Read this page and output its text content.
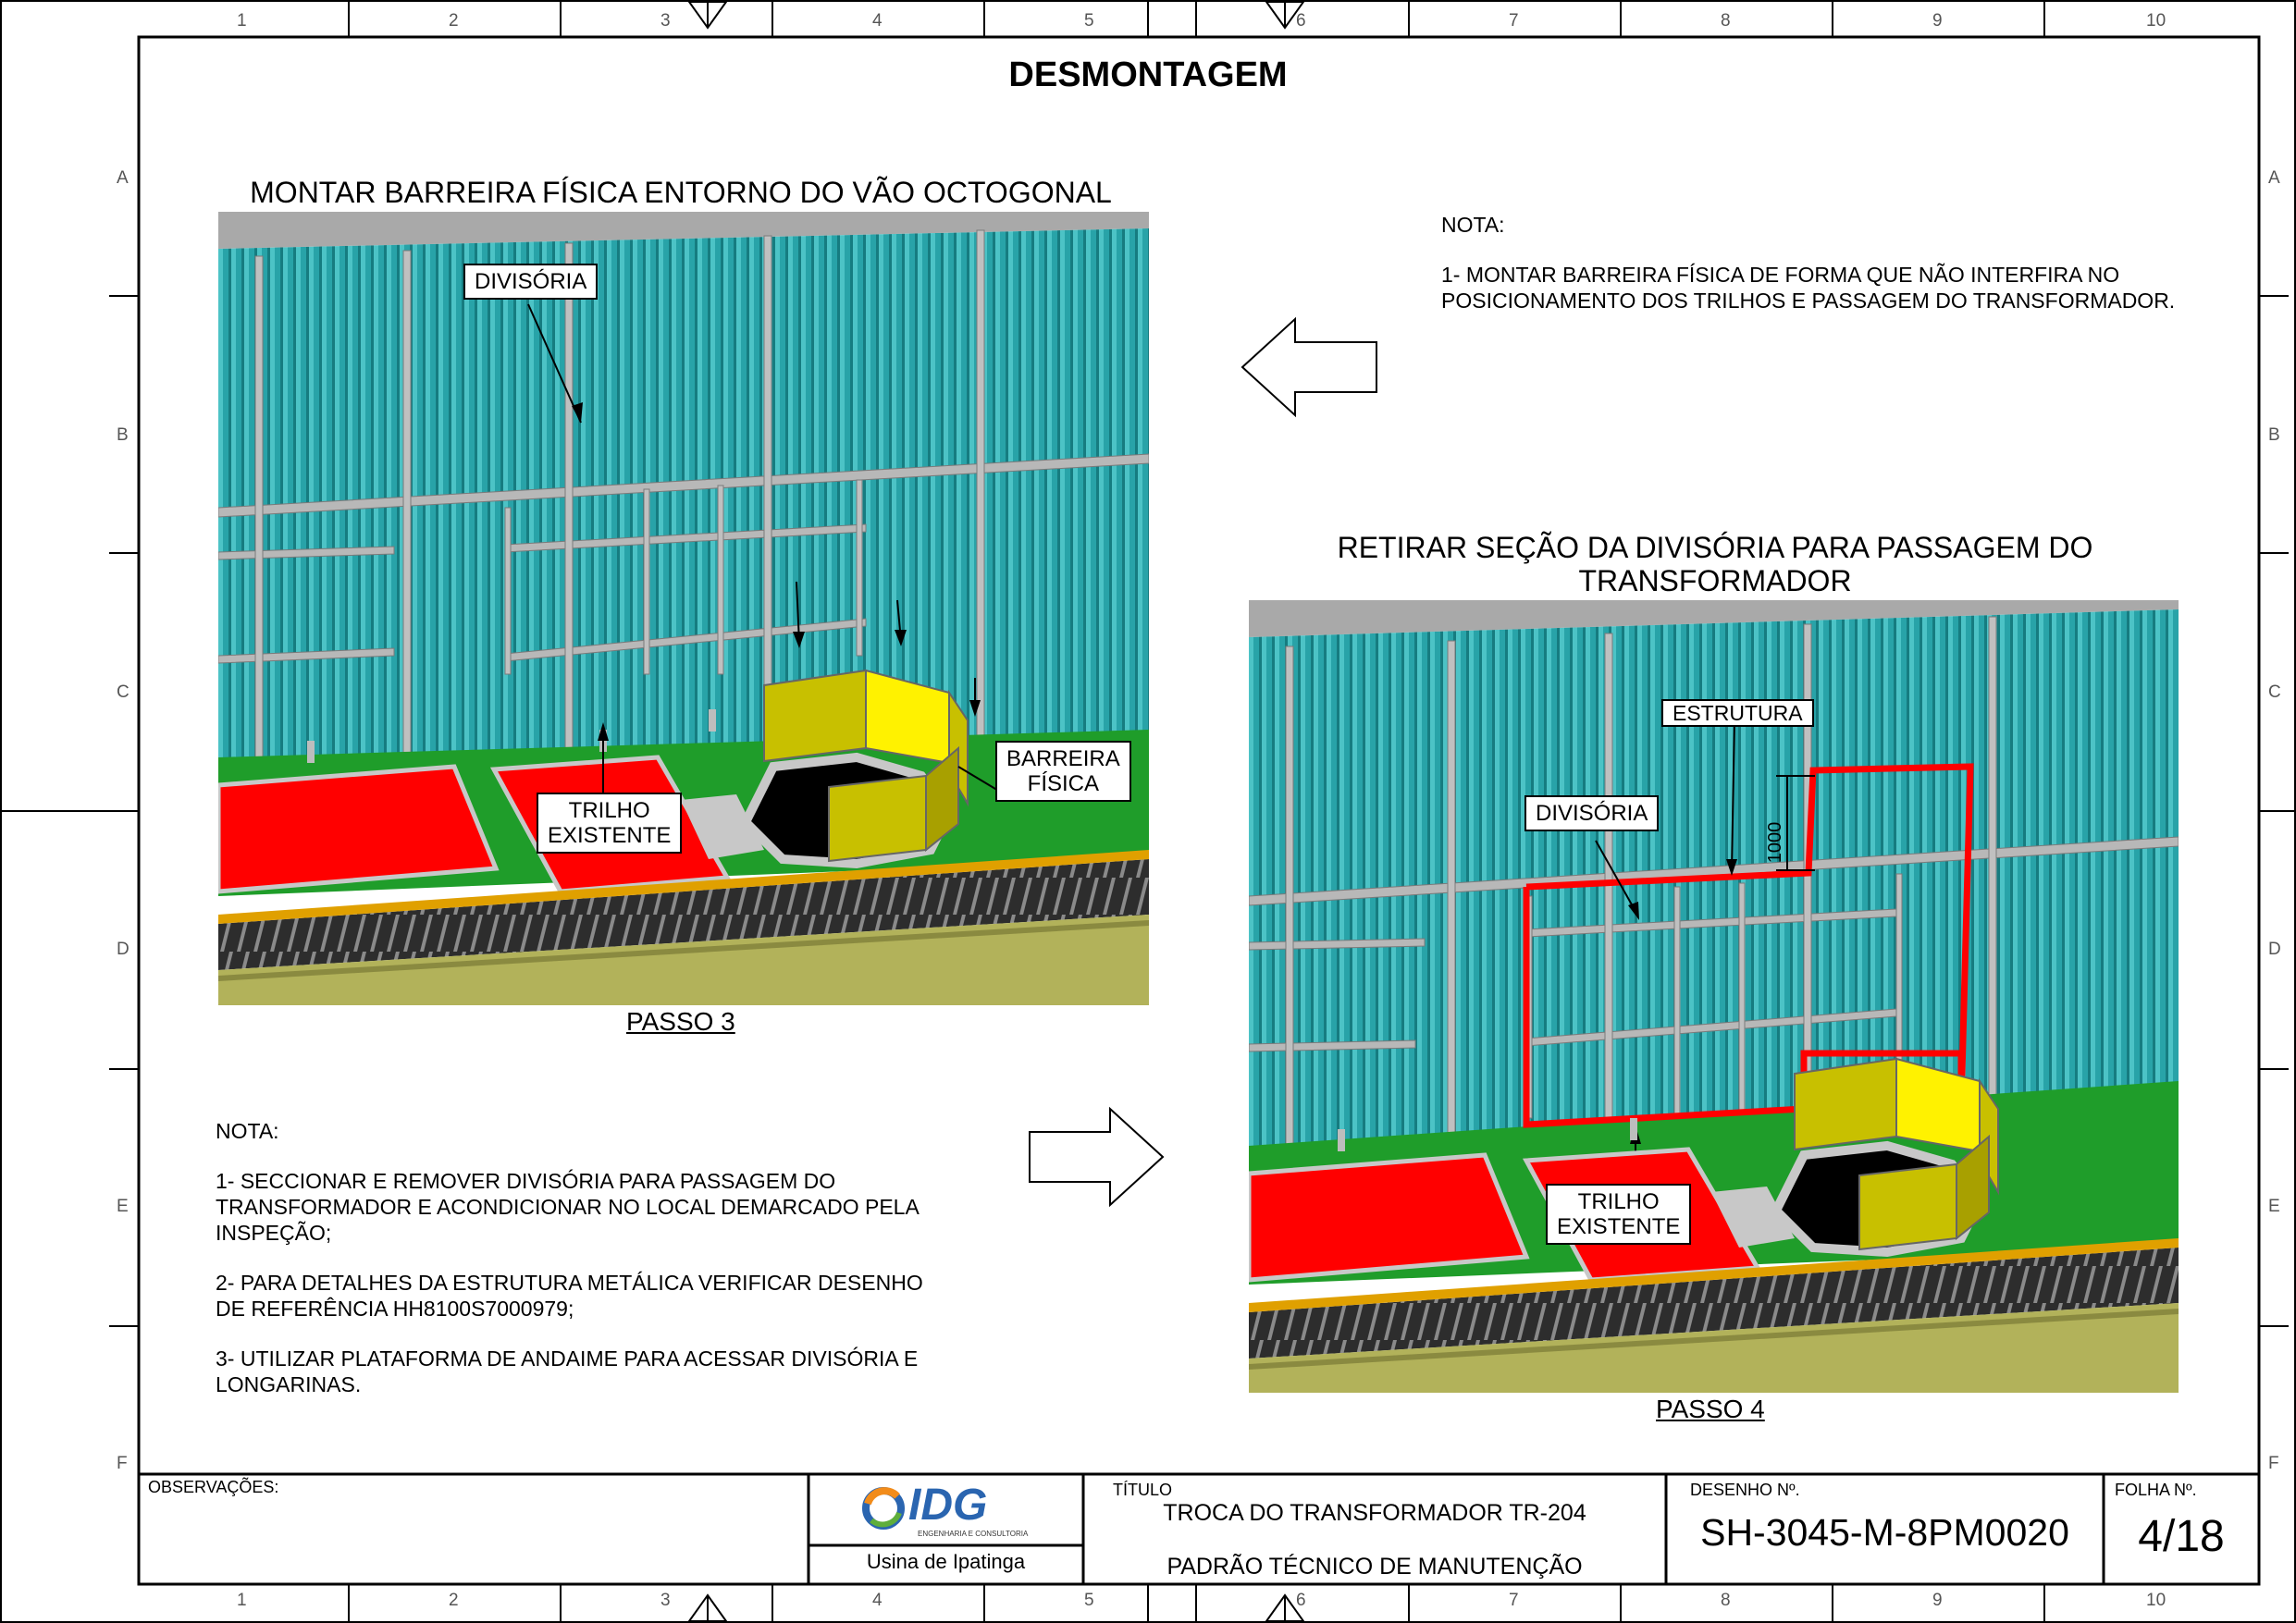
1	2	3	4	5	6	7	8	9	10
1	2	3	4	5	6	7	8	9	10
A
B
C
D
E
F
A
B
C
D
E
F
DESMONTAGEM
MONTAR BARREIRA FÍSICA ENTORNO DO VÃO OCTOGONAL
DIVISÓRIA
BARREIRA
FÍSICA
TRILHO
EXISTENTE
PASSO 3
NOTA:
1- MONTAR BARREIRA FÍSICA DE FORMA QUE NÃO INTERFIRA NO
POSICIONAMENTO DOS TRILHOS E PASSAGEM DO TRANSFORMADOR.
RETIRAR SEÇÃO DA DIVISÓRIA PARA PASSAGEM DO
TRANSFORMADOR
1000
ESTRUTURA
DIVISÓRIA
TRILHO
EXISTENTE
PASSO 4
NOTA:
1- SECCIONAR E REMOVER DIVISÓRIA PARA PASSAGEM DO
TRANSFORMADOR E ACONDICIONAR NO LOCAL DEMARCADO PELA
INSPEÇÃO;
2- PARA DETALHES DA ESTRUTURA METÁLICA VERIFICAR DESENHO
DE REFERÊNCIA HH8100S7000979;
3- UTILIZAR PLATAFORMA DE ANDAIME PARA ACESSAR DIVISÓRIA E
LONGARINAS.
OBSERVAÇÕES:	IDG
ENGENHARIA E CONSULTORIA
Usina de Ipatinga
TÍTULO
TROCA DO TRANSFORMADOR TR-204
PADRÃO TÉCNICO DE MANUTENÇÃO
DESENHO Nº.
SH-3045-M-8PM0020
FOLHA Nº.
4/18
